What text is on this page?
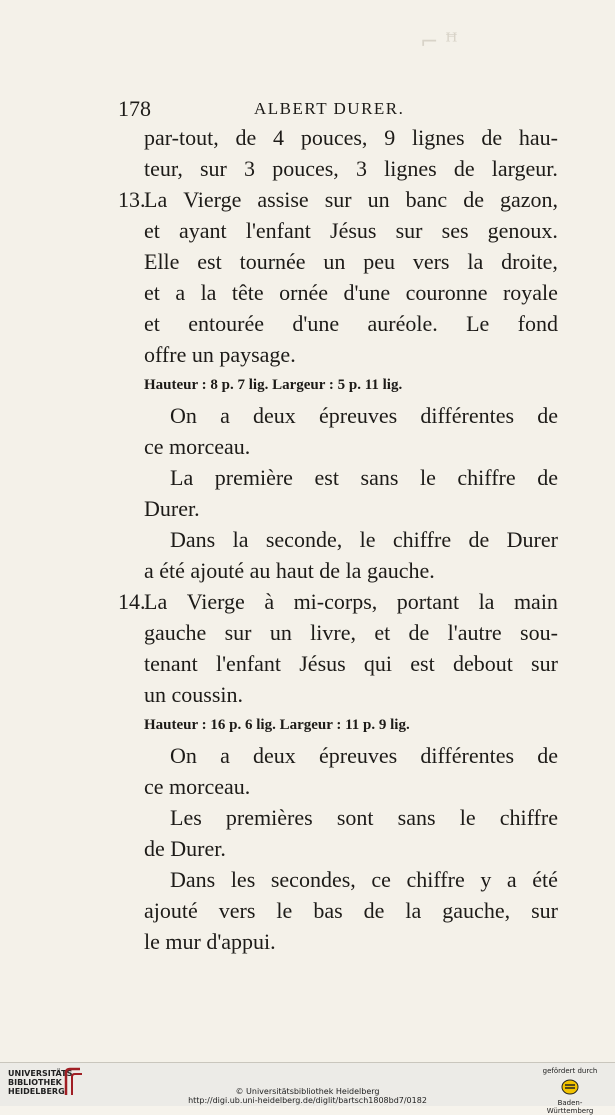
⌐ ꟸ
178	ALBERT DURER.
par-tout, de 4 pouces, 9 lignes de hau-
teur, sur 3 pouces, 3 lignes de largeur.
13.
La Vierge assise sur un banc de gazon,
et ayant l'enfant Jésus sur ses genoux.
Elle est tournée un peu vers la droite,
et a la tête ornée d'une couronne royale
et entourée d'une auréole. Le fond
offre un paysage.
Hauteur : 8 p. 7 lig. Largeur : 5 p. 11 lig.
On a deux épreuves différentes de
ce morceau.
La première est sans le chiffre de
Durer.
Dans la seconde, le chiffre de Durer
a été ajouté au haut de la gauche.
14.
La Vierge à mi-corps, portant la main
gauche sur un livre, et de l'autre sou-
tenant l'enfant Jésus qui est debout sur
un coussin.
Hauteur : 16 p. 6 lig. Largeur : 11 p. 9 lig.
On a deux épreuves différentes de
ce morceau.
Les premières sont sans le chiffre
de Durer.
Dans les secondes, ce chiffre y a été
ajouté vers le bas de la gauche, sur
le mur d'appui.
UNIVERSITÄTS-
BIBLIOTHEK
HEIDELBERG	© Universitätsbibliothek Heidelberg
http://digi.ub.uni-heidelberg.de/diglit/bartsch1808bd7/0182
gefördert durch
Baden-Württemberg
